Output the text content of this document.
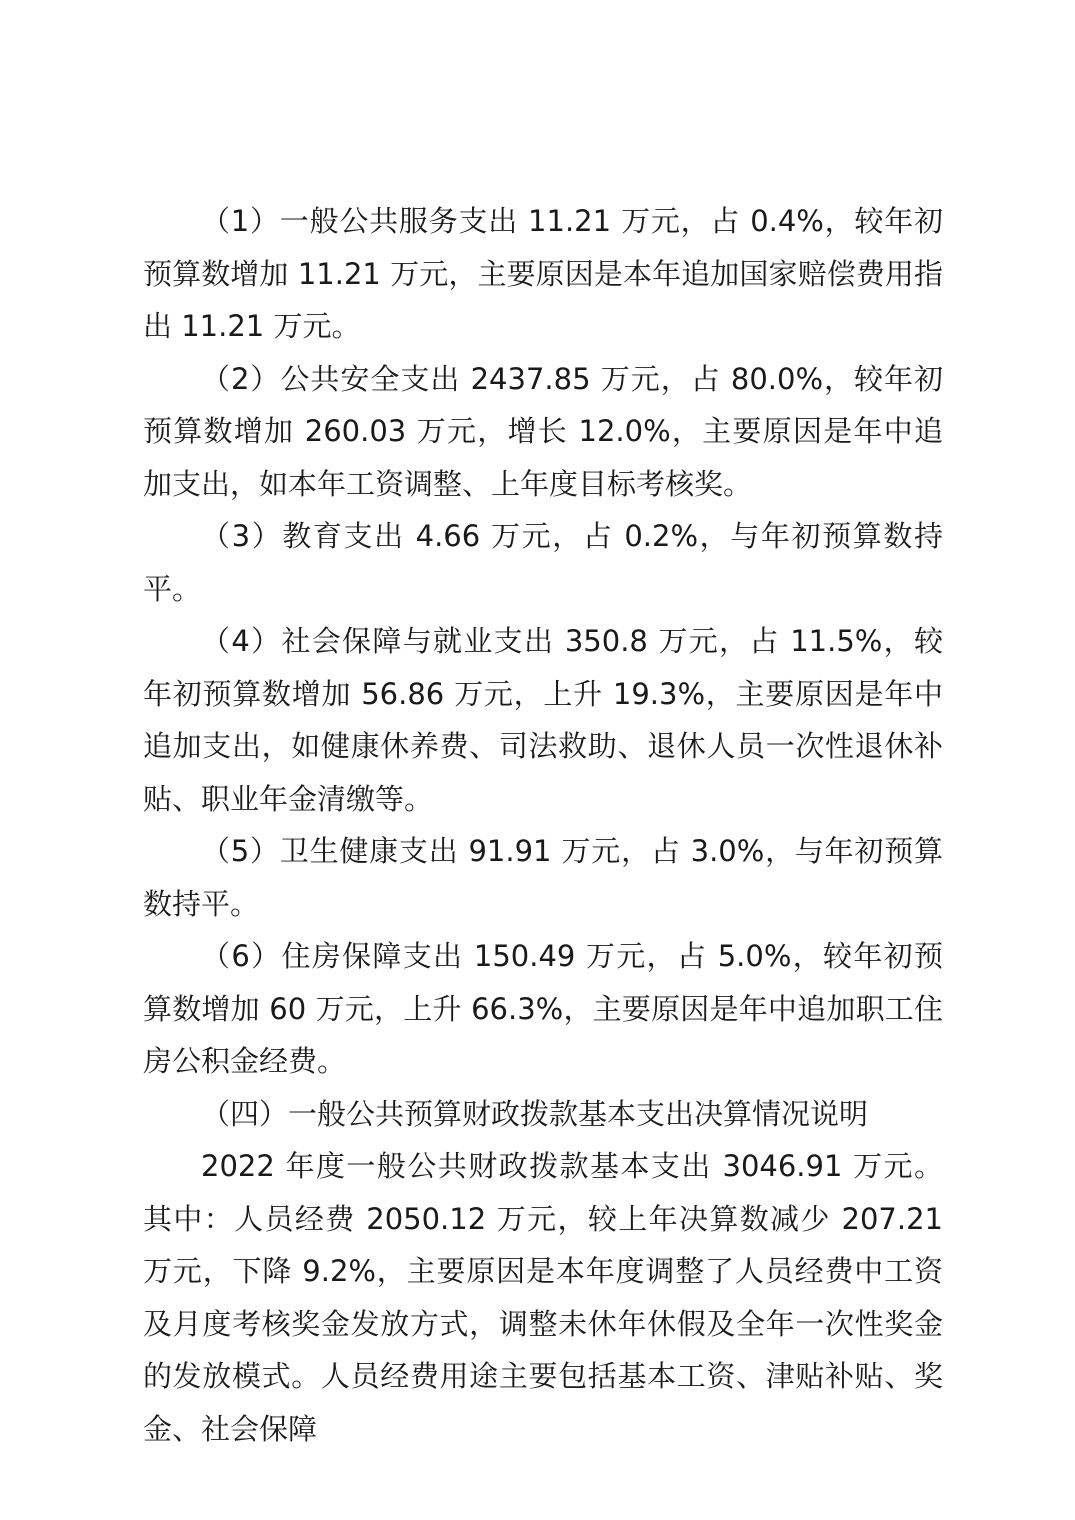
（1）一般公共服务支出 11.21 万元，占 0.4%，较年初预算数增加 11.21 万元，主要原因是本年追加国家赔偿费用指出 11.21 万元。

（2）公共安全支出 2437.85 万元，占 80.0%，较年初预算数增加 260.03 万元，增长 12.0%，主要原因是年中追加支出，如本年工资调整、上年度目标考核奖。

（3）教育支出 4.66 万元，占 0.2%，与年初预算数持平。

（4）社会保障与就业支出 350.8 万元，占 11.5%，较年初预算数增加 56.86 万元，上升 19.3%，主要原因是年中追加支出，如健康休养费、司法救助、退休人员一次性退休补贴、职业年金清缴等。

（5）卫生健康支出 91.91 万元，占 3.0%，与年初预算数持平。

（6）住房保障支出 150.49 万元，占 5.0%，较年初预算数增加 60 万元，上升 66.3%，主要原因是年中追加职工住房公积金经费。

（四）一般公共预算财政拨款基本支出决算情况说明

2022 年度一般公共财政拨款基本支出 3046.91 万元。其中：人员经费 2050.12 万元，较上年决算数减少 207.21 万元，下降 9.2%，主要原因是本年度调整了人员经费中工资及月度考核奖金发放方式，调整未休年休假及全年一次性奖金的发放模式。人员经费用途主要包括基本工资、津贴补贴、奖金、社会保障
